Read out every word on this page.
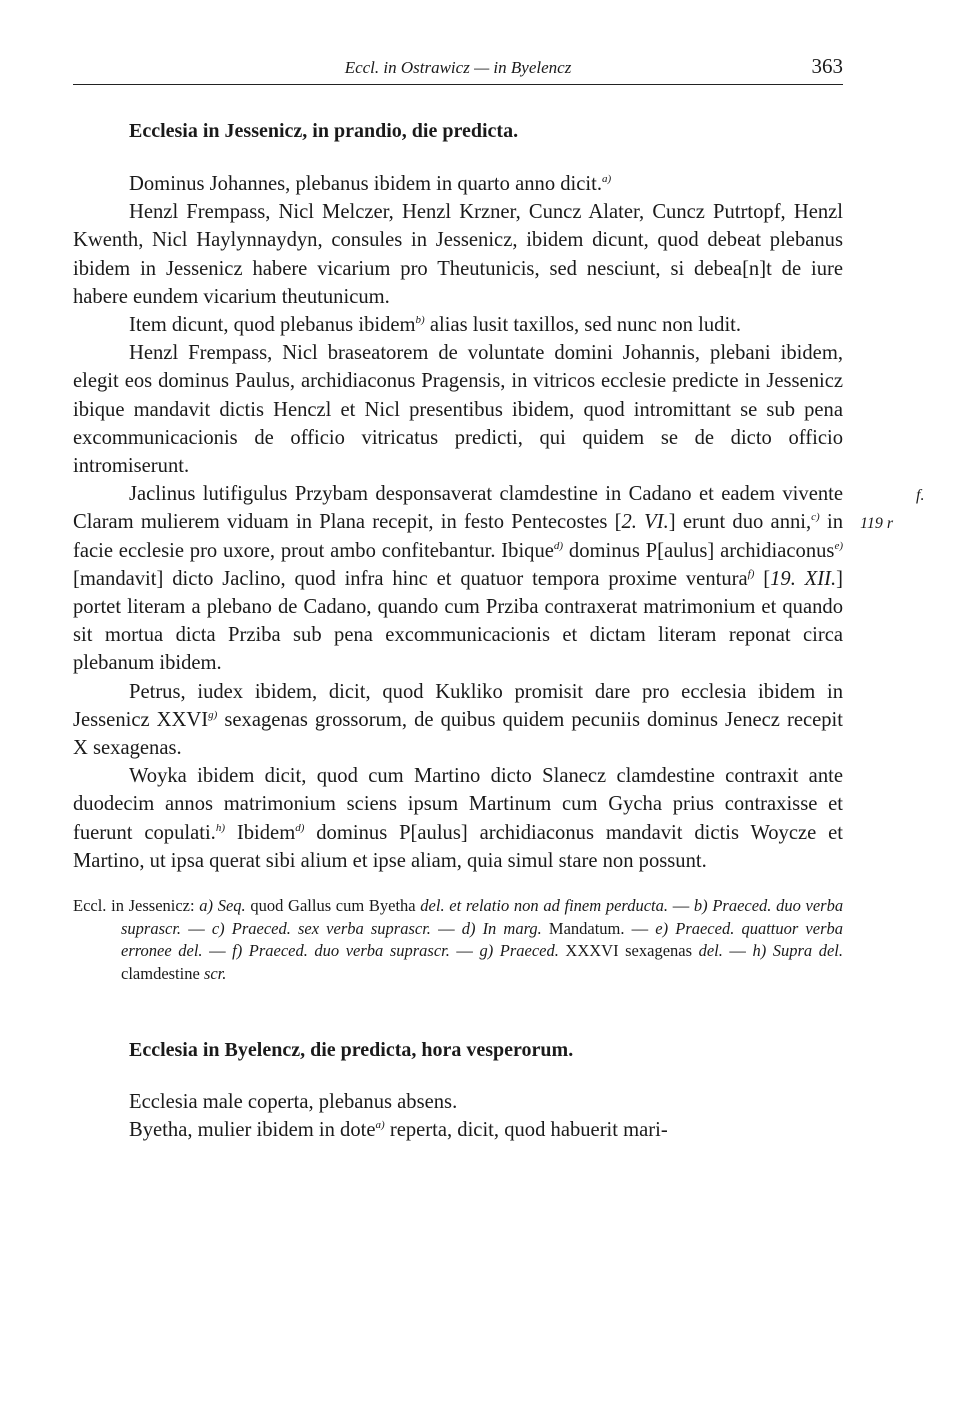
Eccl. in Ostrawicz — in Byelencz	363
Ecclesia in Jessenicz, in prandio, die predicta.

Dominus Johannes, plebanus ibidem in quarto anno dicit.$^{a)}$

Henzl Frempass, Nicl Melczer, Henzl Krzner, Cuncz Alater, Cuncz Putrtopf, Henzl Kwenth, Nicl Haylynnaydyn, consules in Jessenicz, ibidem dicunt, quod debeat plebanus ibidem in Jessenicz habere vicarium pro Theutunicis, sed nesciunt, si debea[n]t de iure habere eundem vicarium theutunicum.

Item dicunt, quod plebanus ibidem$^{b)}$ alias lusit taxillos, sed nunc non ludit.

Henzl Frempass, Nicl braseatorem de voluntate domini Johannis, plebani ibidem, elegit eos dominus Paulus, archidiaconus Pragensis, in vitricos ecclesie predicte in Jessenicz ibique mandavit dictis Henczl et Nicl presentibus ibidem, quod intromittant se sub pena excommunicacionis de officio vitricatus predicti, qui quidem se de dicto officio intromiserunt.

f. 119 r
Jaclinus lutifigulus Przybam desponsaverat clamdestine in Cadano et eadem vivente Claram mulierem viduam in Plana recepit, in festo Pentecostes [2. VI.] erunt duo anni,$^{c)}$ in facie ecclesie pro uxore, prout ambo confitebantur. Ibique$^{d)}$ dominus P[aulus] archidiaconus$^{e)}$ [mandavit] dicto Jaclino, quod infra hinc et quatuor tempora proxime ventura$^{f)}$ [19. XII.] portet literam a plebano de Cadano, quando cum Prziba contraxerat matrimonium et quando sit mortua dicta Prziba sub pena excommunicacionis et dictam literam reponat circa plebanum ibidem.

Petrus, iudex ibidem, dicit, quod Kukliko promisit dare pro ecclesia ibidem in Jessenicz XXVI$^{g)}$ sexagenas grossorum, de quibus quidem pecuniis dominus Jenecz recepit X sexagenas.

Woyka ibidem dicit, quod cum Martino dicto Slanecz clamdestine contraxit ante duodecim annos matrimonium sciens ipsum Martinum cum Gycha prius contraxisse et fuerunt copulati.$^{h)}$ Ibidem$^{d)}$ dominus P[aulus] archidiaconus mandavit dictis Woycze et Martino, ut ipsa querat sibi alium et ipse aliam, quia simul stare non possunt.

Eccl. in Jessenicz: a) Seq. quod Gallus cum Byetha del. et relatio non ad finem perducta. — b) Praeced. duo verba suprascr. — c) Praeced. sex verba suprascr. — d) In marg. Mandatum. — e) Praeced. quattuor verba erronee del. — f) Praeced. duo verba suprascr. — g) Praeced. XXXVI sexagenas del. — h) Supra del. clamdestine scr.
Ecclesia in Byelencz, die predicta, hora vesperorum.

Ecclesia male coperta, plebanus absens.

Byetha, mulier ibidem in dote$^{a)}$ reperta, dicit, quod habuerit mari-
